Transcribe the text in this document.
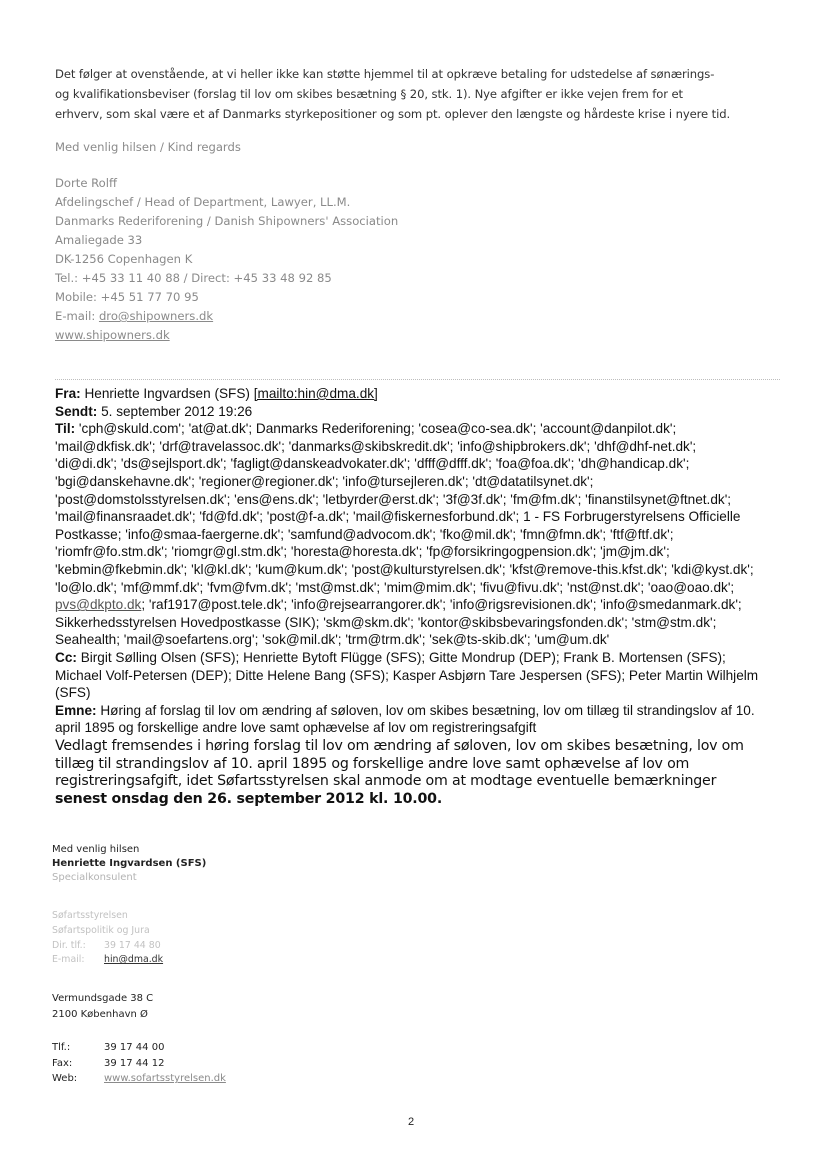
Det følger at ovenstående, at vi heller ikke kan støtte hjemmel til at opkræve betaling for udstedelse af sønærings-
og kvalifikationsbeviser (forslag til lov om skibes besætning § 20, stk. 1). Nye afgifter er ikke vejen frem for et
erhverv, som skal være et af Danmarks styrkepositioner og som pt. oplever den længste og hårdeste krise i nyere tid.
Med venlig hilsen / Kind regards
Dorte Rolff
Afdelingschef / Head of Department, Lawyer, LL.M.
Danmarks Rederiforening / Danish Shipowners' Association
Amaliegade 33
DK-1256 Copenhagen K
Tel.: +45 33 11 40 88 / Direct: +45 33 48 92 85
Mobile: +45 51 77 70 95
E-mail: dro@shipowners.dk
www.shipowners.dk
Fra: Henriette Ingvardsen (SFS) [mailto:hin@dma.dk]
Sendt: 5. september 2012 19:26
Til: 'cph@skuld.com'; 'at@at.dk'; Danmarks Rederiforening; 'cosea@co-sea.dk'; 'account@danpilot.dk';
'mail@dkfisk.dk'; 'drf@travelassoc.dk'; 'danmarks@skibskredit.dk'; 'info@shipbrokers.dk'; 'dhf@dhf-net.dk';
'di@di.dk'; 'ds@sejlsport.dk'; 'fagligt@danskeadvokater.dk'; 'dfff@dfff.dk'; 'foa@foa.dk'; 'dh@handicap.dk';
'bgi@danskehavne.dk'; 'regioner@regioner.dk'; 'info@tursejleren.dk'; 'dt@datatilsynet.dk';
'post@domstolsstyrelsen.dk'; 'ens@ens.dk'; 'letbyrder@erst.dk'; '3f@3f.dk'; 'fm@fm.dk'; 'finanstilsynet@ftnet.dk';
'mail@finansraadet.dk'; 'fd@fd.dk'; 'post@f-a.dk'; 'mail@fiskernesforbund.dk'; 1 - FS Forbrugerstyrelsens Officielle
Postkasse; 'info@smaa-faergerne.dk'; 'samfund@advocom.dk'; 'fko@mil.dk'; 'fmn@fmn.dk'; 'ftf@ftf.dk';
'riomfr@fo.stm.dk'; 'riomgr@gl.stm.dk'; 'horesta@horesta.dk'; 'fp@forsikringogpension.dk'; 'jm@jm.dk';
'kebmin@fkebmin.dk'; 'kl@kl.dk'; 'kum@kum.dk'; 'post@kulturstyrelsen.dk'; 'kfst@remove-this.kfst.dk'; 'kdi@kyst.dk';
'lo@lo.dk'; 'mf@mmf.dk'; 'fvm@fvm.dk'; 'mst@mst.dk'; 'mim@mim.dk'; 'fivu@fivu.dk'; 'nst@nst.dk'; 'oao@oao.dk';
pvs@dkpto.dk; 'raf1917@post.tele.dk'; 'info@rejsearrangorer.dk'; 'info@rigsrevisionen.dk'; 'info@smedanmark.dk';
Sikkerhedsstyrelsen Hovedpostkasse (SIK); 'skm@skm.dk'; 'kontor@skibsbevaringsfonden.dk'; 'stm@stm.dk';
Seahealth; 'mail@soefartens.org'; 'sok@mil.dk'; 'trm@trm.dk'; 'sek@ts-skib.dk'; 'um@um.dk'
Cc: Birgit Sølling Olsen (SFS); Henriette Bytoft Flügge (SFS); Gitte Mondrup (DEP); Frank B. Mortensen (SFS);
Michael Volf-Petersen (DEP); Ditte Helene Bang (SFS); Kasper Asbjørn Tare Jespersen (SFS); Peter Martin Wilhjelm
(SFS)
Emne: Høring af forslag til lov om ændring af søloven, lov om skibes besætning, lov om tillæg til strandingslov af 10.
april 1895 og forskellige andre love samt ophævelse af lov om registreringsafgift
Vedlagt fremsendes i høring forslag til lov om ændring af søloven, lov om skibes besætning, lov om
tillæg til strandingslov af 10. april 1895 og forskellige andre love samt ophævelse af lov om
registreringsafgift, idet Søfartsstyrelsen skal anmode om at modtage eventuelle bemærkninger
senest onsdag den 26. september 2012 kl. 10.00.
Med venlig hilsen
Henriette Ingvardsen (SFS)
Specialkonsulent
Søfartsstyrelsen
Søfartspolitik og Jura
Dir. tlf.: 39 17 44 80
E-mail: hin@dma.dk
Vermundsgade 38 C
2100 København Ø
Tlf.:	39 17 44 00
Fax:	39 17 44 12
Web:	www.sofartsstyrelsen.dk
2
